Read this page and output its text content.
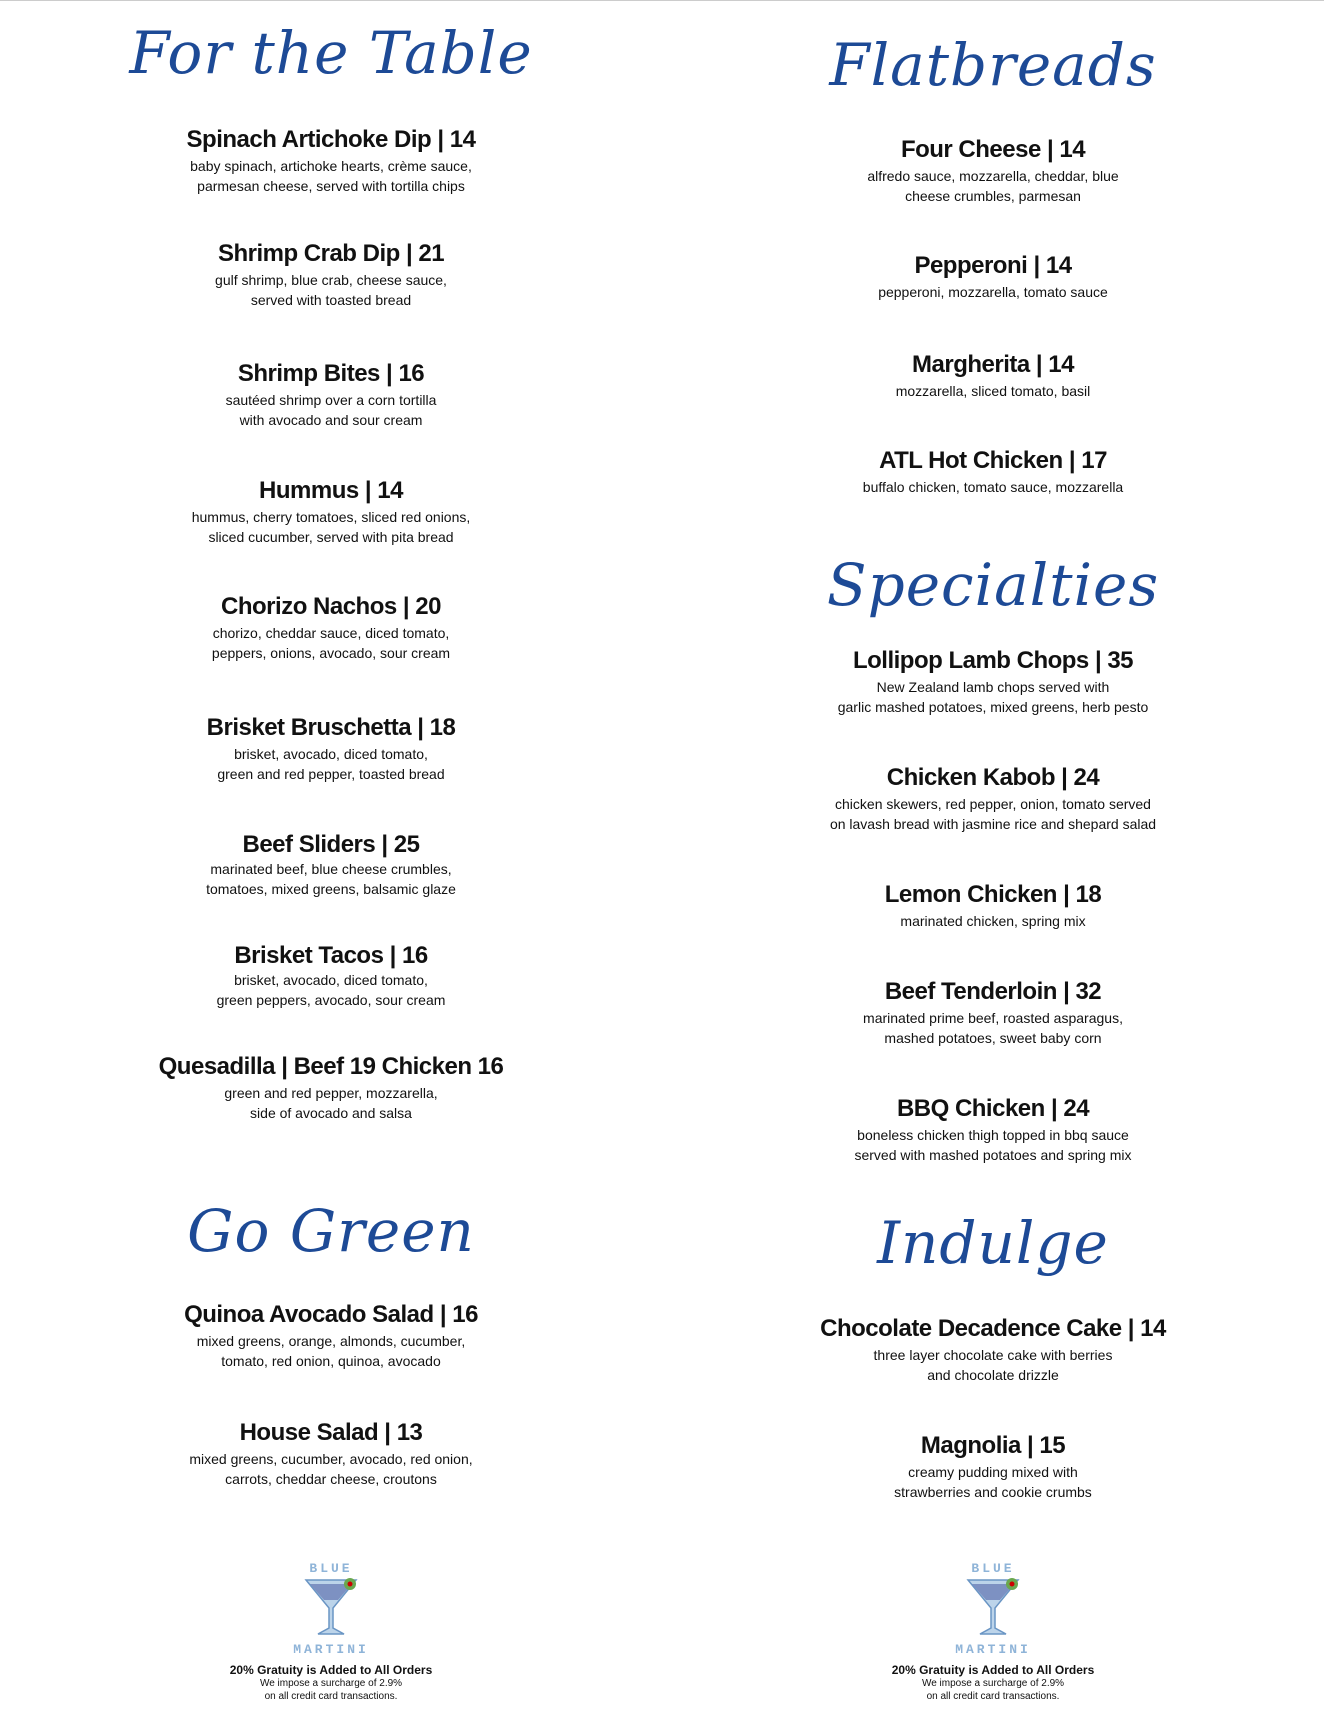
For the Table
Spinach Artichoke Dip | 14
baby spinach, artichoke hearts, crème sauce,
parmesan cheese, served with tortilla chips
Shrimp Crab Dip | 21
gulf shrimp, blue crab, cheese sauce,
served with toasted bread
Shrimp Bites | 16
sautéed shrimp over a corn tortilla
with avocado and sour cream
Hummus | 14
hummus, cherry tomatoes, sliced red onions,
sliced cucumber, served with pita bread
Chorizo Nachos | 20
chorizo, cheddar sauce, diced tomato,
peppers, onions, avocado, sour cream
Brisket Bruschetta | 18
brisket, avocado, diced tomato,
green and red pepper, toasted bread
Beef Sliders | 25
marinated beef, blue cheese crumbles,
tomatoes, mixed greens, balsamic glaze
Brisket Tacos | 16
brisket, avocado, diced tomato,
green peppers, avocado, sour cream
Quesadilla | Beef 19 Chicken 16
green and red pepper, mozzarella,
side of avocado and salsa
Go Green
Quinoa Avocado Salad | 16
mixed greens, orange, almonds, cucumber,
tomato, red onion, quinoa, avocado
House Salad | 13
mixed greens, cucumber, avocado, red onion,
carrots, cheddar cheese, croutons
BLUE
MARTINI
20% Gratuity is Added to All Orders
We impose a surcharge of 2.9%
on all credit card transactions.
Flatbreads
Four Cheese | 14
alfredo sauce, mozzarella, cheddar, blue
cheese crumbles, parmesan
Pepperoni | 14
pepperoni, mozzarella, tomato sauce
Margherita | 14
mozzarella, sliced tomato, basil
ATL Hot Chicken | 17
buffalo chicken, tomato sauce, mozzarella
Specialties
Lollipop Lamb Chops | 35
New Zealand lamb chops served with
garlic mashed potatoes, mixed greens, herb pesto
Chicken Kabob | 24
chicken skewers, red pepper, onion, tomato served
on lavash bread with jasmine rice and shepard salad
Lemon Chicken | 18
marinated chicken, spring mix
Beef Tenderloin | 32
marinated prime beef, roasted asparagus,
mashed potatoes, sweet baby corn
BBQ Chicken | 24
boneless chicken thigh topped in bbq sauce
served with mashed potatoes and spring mix
Indulge
Chocolate Decadence Cake | 14
three layer chocolate cake with berries
and chocolate drizzle
Magnolia | 15
creamy pudding mixed with
strawberries and cookie crumbs
BLUE
MARTINI
20% Gratuity is Added to All Orders
We impose a surcharge of 2.9%
on all credit card transactions.
